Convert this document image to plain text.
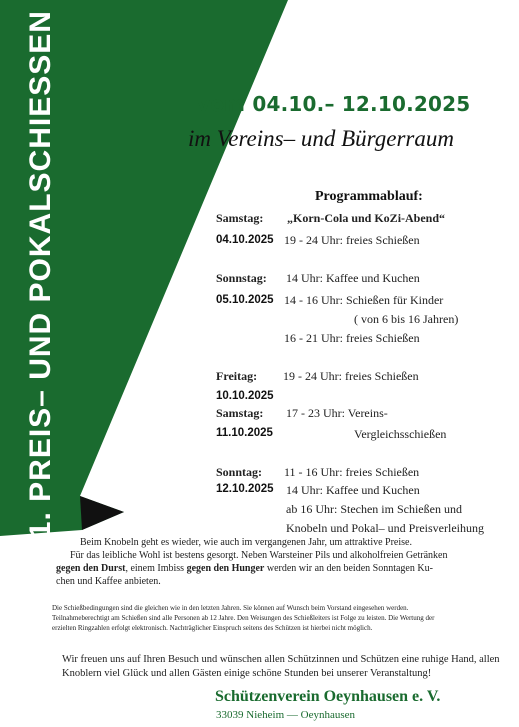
41. PREIS– UND POKALSCHIESSEN	vom 04.10.– 12.10.2025
im Vereins– und Bürgerraum
Programmablauf:
Samstag: „Korn-Cola und KoZi-Abend“
04.10.2025 19 - 24 Uhr: freies Schießen
Sonnstag: 14 Uhr: Kaffee und Kuchen
05.10.2025 14 - 16 Uhr: Schießen für Kinder
( von 6 bis 16 Jahren)
16 - 21 Uhr: freies Schießen
Freitag: 19 - 24 Uhr: freies Schießen
10.10.2025
Samstag: 17 - 23 Uhr: Vereins-
11.10.2025	Vergleichsschießen
Sonntag: 11 - 16 Uhr: freies Schießen
12.10.2025 14 Uhr: Kaffee und Kuchen
ab 16 Uhr: Stechen im Schießen und
Knobeln und Pokal– und Preisverleihung
Beim Knobeln geht es wieder, wie auch im vergangenen Jahr, um attraktive Preise.
Für das leibliche Wohl ist bestens gesorgt. Neben Warsteiner Pils und alkoholfreien Getränken
gegen den Durst, einem Imbiss gegen den Hunger werden wir an den beiden Sonntagen Ku-
chen und Kaffee anbieten.
Die Schießbedingungen sind die gleichen wie in den letzten Jahren. Sie können auf Wunsch beim Vorstand eingesehen werden.
Teilnahmeberechtigt am Schießen sind alle Personen ab 12 Jahre. Den Weisungen des Schießleiters ist Folge zu leisten. Die Wertung der
erzielten Ringzahlen erfolgt elektronisch. Nachträglicher Einspruch seitens des Schützen ist hierbei nicht möglich.
Wir freuen uns auf Ihren Besuch und wünschen allen Schützinnen und Schützen eine ruhige Hand, allen Knoblern viel Glück und allen Gästen einige schöne Stunden bei unserer Veranstaltung!
Schützenverein Oeynhausen e. V.
33039 Nieheim — Oeynhausen
